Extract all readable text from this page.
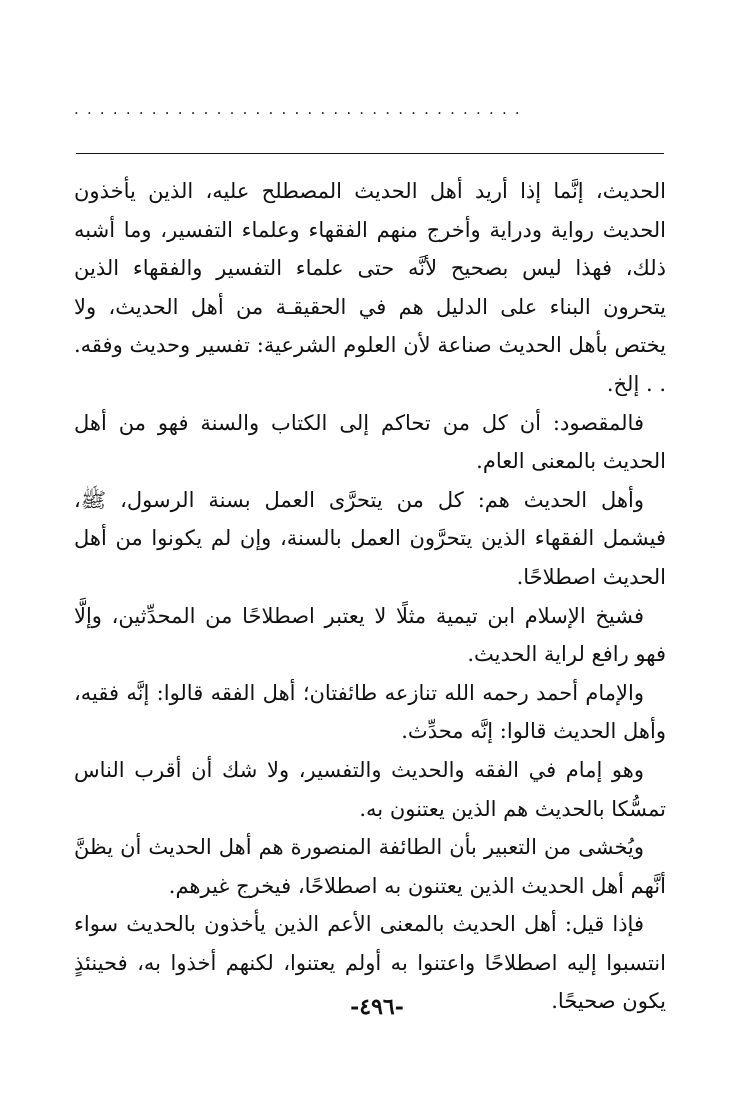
...................................

الحديث، إنَّما إذا أريد أهل الحديث المصطلح عليه، الذين يأخذون الحديث رواية ودراية وأخرج منهم الفقهاء وعلماء التفسير، وما أشبه ذلك، فهذا ليس بصحيح لأنَّه حتى علماء التفسير والفقهاء الذين يتحرون البناء على الدليل هم في الحقيقـة من أهل الحديث، ولا يختص بأهل الحديث صناعة لأن العلوم الشرعية: تفسير وحديث وفقه. . . إلخ.

فالمقصود: أن كل من تحاكم إلى الكتاب والسنة فهو من أهل الحديث بالمعنى العام.

وأهل الحديث هم: كل من يتحرَّى العمل بسنة الرسول، ﷺ، فيشمل الفقهاء الذين يتحرَّون العمل بالسنة، وإن لم يكونوا من أهل الحديث اصطلاحًا.

فشيخ الإسلام ابن تيمية مثلًا لا يعتبر اصطلاحًا من المحدِّثين، وإلَّا فهو رافع لراية الحديث.

والإمام أحمد رحمه الله تنازعه طائفتان؛ أهل الفقه قالوا: إنَّه فقيه، وأهل الحديث قالوا: إنَّه محدِّث.

وهو إمام في الفقه والحديث والتفسير، ولا شك أن أقرب الناس تمسُّكا بالحديث هم الذين يعتنون به.

ويُخشى من التعبير بأن الطائفة المنصورة هم أهل الحديث أن يظنَّ أنَّهم أهل الحديث الذين يعتنون به اصطلاحًا، فيخرج غيرهم.

فإذا قيل: أهل الحديث بالمعنى الأعم الذين يأخذون بالحديث سواء انتسبوا إليه اصطلاحًا واعتنوا به أولم يعتنوا، لكنهم أخذوا به، فحينئذٍ يكون صحيحًا.

-٤٩٦-
